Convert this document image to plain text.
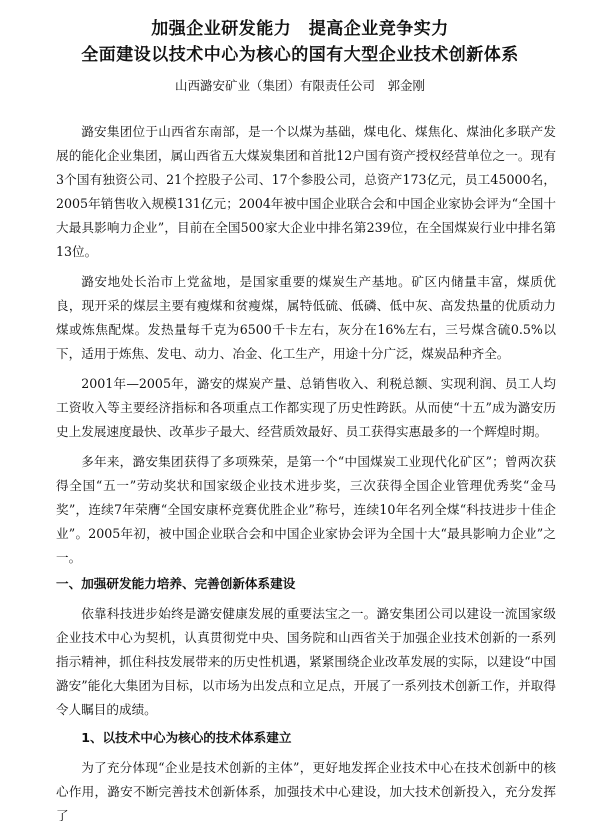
加强企业研发能力　提高企业竞争实力
全面建设以技术中心为核心的国有大型企业技术创新体系
山西潞安矿业（集团）有限责任公司　郭金刚

潞安集团位于山西省东南部，是一个以煤为基础，煤电化、煤焦化、煤油化多联产发展的能化企业集团，属山西省五大煤炭集团和首批12户国有资产授权经营单位之一。现有3个国有独资公司、21个控股子公司、17个参股公司，总资产173亿元，员工45000名，2005年销售收入规模131亿元；2004年被中国企业联合会和中国企业家协会评为“全国十大最具影响力企业”，目前在全国500家大企业中排名第239位，在全国煤炭行业中排名第13位。

潞安地处长治市上党盆地，是国家重要的煤炭生产基地。矿区内储量丰富，煤质优良，现开采的煤层主要有瘦煤和贫瘦煤，属特低硫、低磷、低中灰、高发热量的优质动力煤或炼焦配煤。发热量每千克为6500千卡左右，灰分在16%左右，三号煤含硫0.5%以下，适用于炼焦、发电、动力、冶金、化工生产，用途十分广泛，煤炭品种齐全。

2001年—2005年，潞安的煤炭产量、总销售收入、利税总额、实现利润、员工人均工资收入等主要经济指标和各项重点工作都实现了历史性跨跃。从而使“十五”成为潞安历史上发展速度最快、改革步子最大、经营质效最好、员工获得实惠最多的一个辉煌时期。

多年来，潞安集团获得了多项殊荣，是第一个“中国煤炭工业现代化矿区”；曾两次获得全国“五一”劳动奖状和国家级企业技术进步奖，三次获得全国企业管理优秀奖“金马奖”，连续7年荣膺“全国安康杯竞赛优胜企业”称号，连续10年名列全煤“科技进步十佳企业”。2005年初，被中国企业联合会和中国企业家协会评为全国十大“最具影响力企业”之一。

一、加强研发能力培养、完善创新体系建设

依靠科技进步始终是潞安健康发展的重要法宝之一。潞安集团公司以建设一流国家级企业技术中心为契机，认真贯彻党中央、国务院和山西省关于加强企业技术创新的一系列指示精神，抓住科技发展带来的历史性机遇，紧紧围绕企业改革发展的实际，以建设“中国潞安”能化大集团为目标，以市场为出发点和立足点，开展了一系列技术创新工作，并取得令人瞩目的成绩。

1、以技术中心为核心的技术体系建立

为了充分体现“企业是技术创新的主体”，更好地发挥企业技术中心在技术创新中的核心作用，潞安不断完善技术创新体系，加强技术中心建设，加大技术创新投入，充分发挥了
